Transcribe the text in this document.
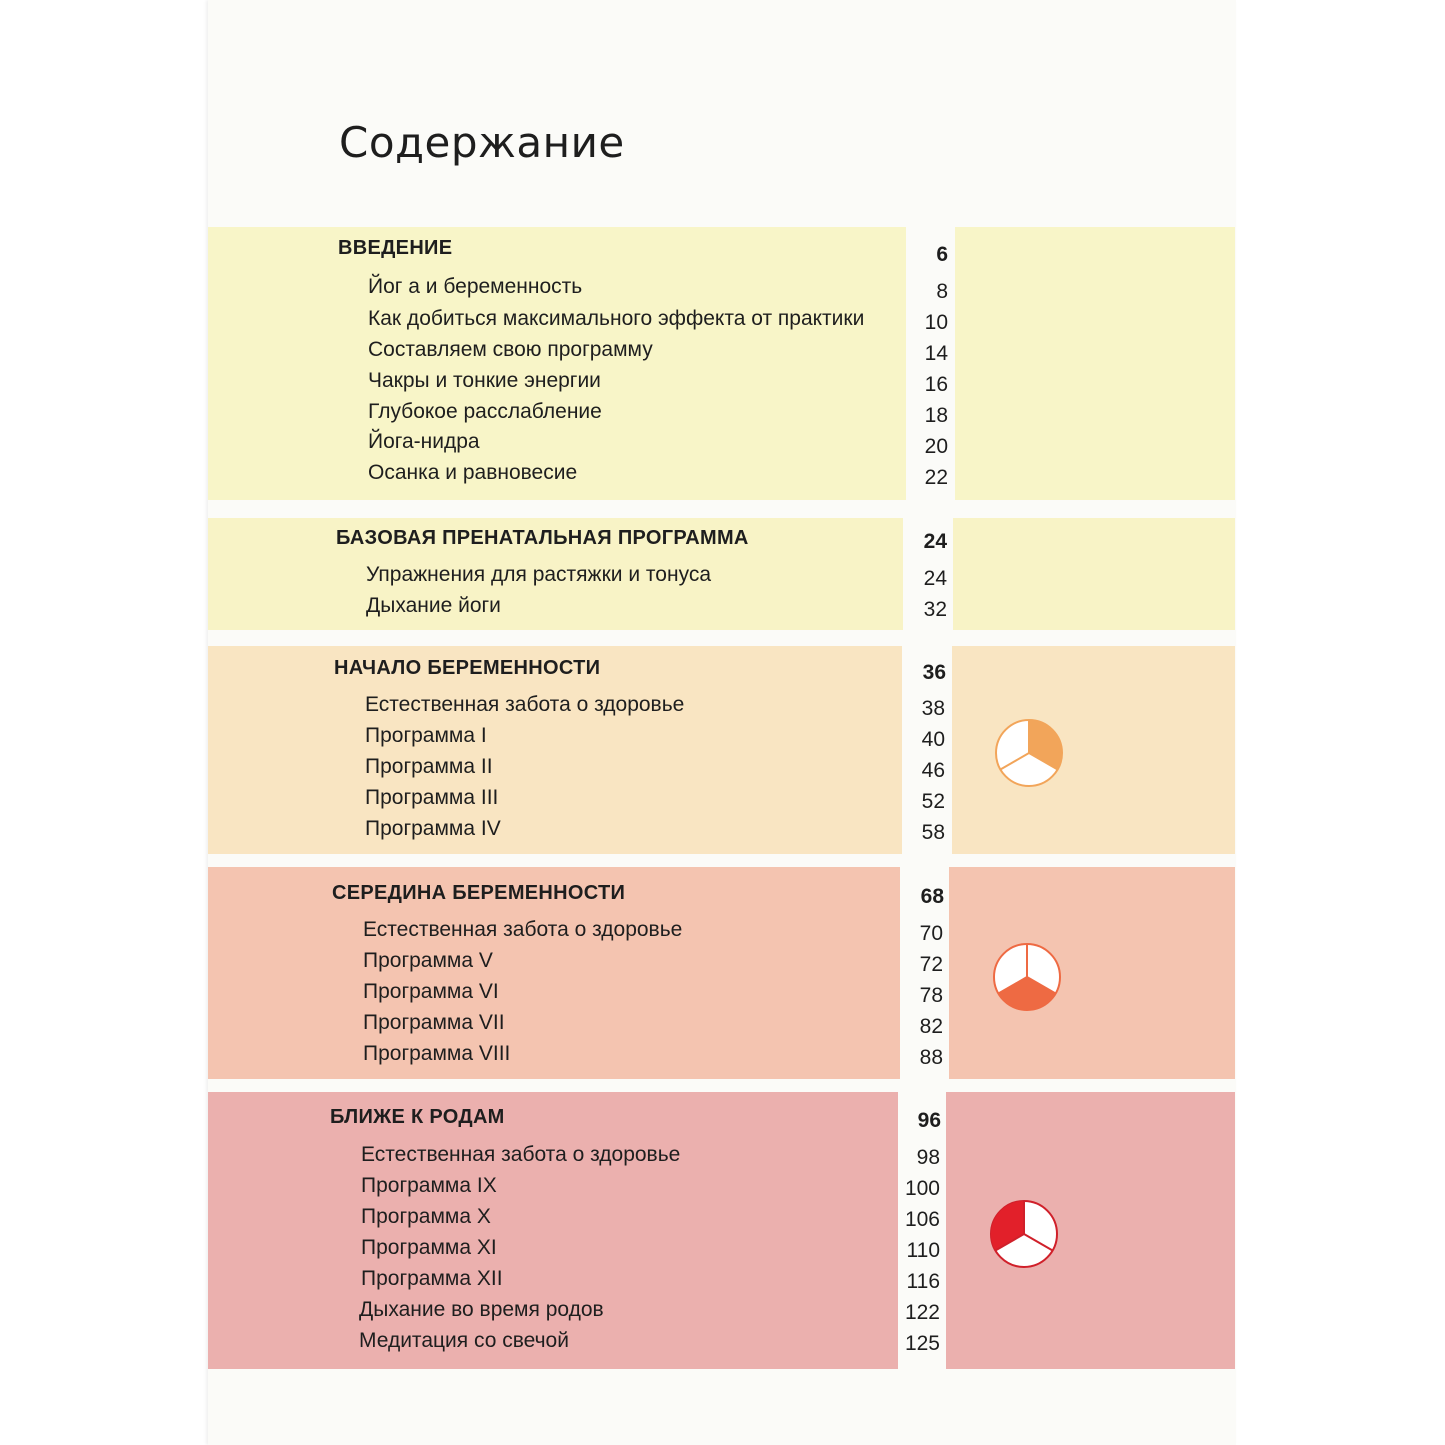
Содержание
ВВЕДЕНИЕ	6
Йог а и беременность	8
Как добиться максимального эффекта от практики	10
Составляем свою программу	14
Чакры и тонкие энергии	16
Глубокое расслабление	18
Йога-нидра	20
Осанка и равновесие	22
БАЗОВАЯ ПРЕНАТАЛЬНАЯ ПРОГРАММА	24
Упражнения для растяжки и тонуса	24
Дыхание йоги	32
НАЧАЛО БЕРЕМЕННОСТИ	36
Естественная забота о здоровье	38
Программа I	40
Программа II	46
Программа III	52
Программа IV	58
СЕРЕДИНА БЕРЕМЕННОСТИ	68
Естественная забота о здоровье	70
Программа V	72
Программа VI	78
Программа VII	82
Программа VIII	88
БЛИЖЕ К РОДАМ	96
Естественная забота о здоровье	98
Программа IX	100
Программа X	106
Программа XI	110
Программа XII	116
Дыхание во время родов	122
Медитация со свечой	125
